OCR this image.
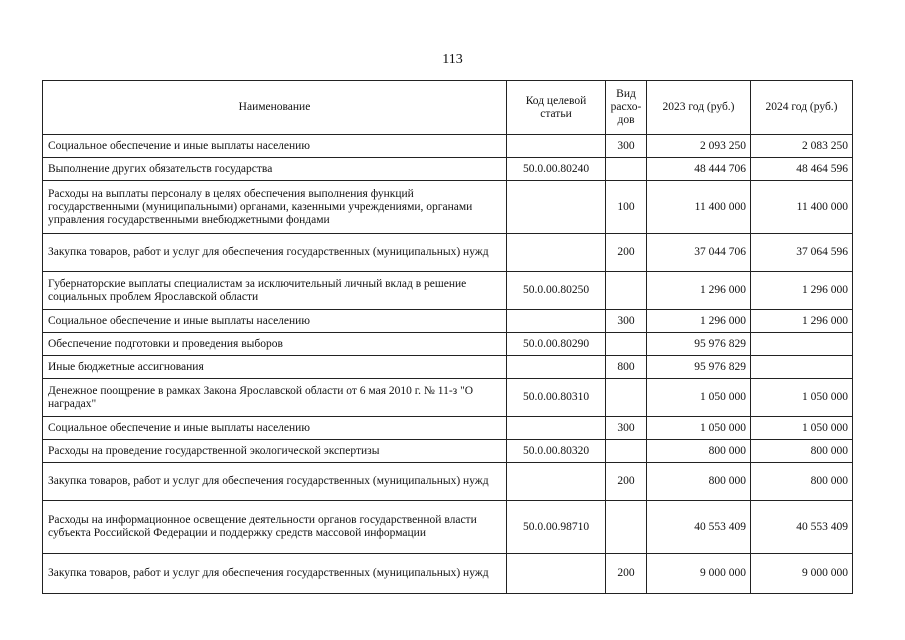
113
Наименование	Код целевой статьи	Вид расхо-дов	2023 год (руб.)	2024 год (руб.)
Социальное обеспечение и иные выплаты населению		300	2 093 250	2 083 250
Выполнение других обязательств государства	50.0.00.80240		48 444 706	48 464 596
Расходы на выплаты персоналу в целях обеспечения выполнения функций государственными (муниципальными) органами, казенными учреждениями, органами управления государственными внебюджетными фондами		100	11 400 000	11 400 000
Закупка товаров, работ и услуг для обеспечения государственных (муниципальных) нужд		200	37 044 706	37 064 596
Губернаторские выплаты специалистам за исключительный личный вклад в решение социальных проблем Ярославской области	50.0.00.80250		1 296 000	1 296 000
Социальное обеспечение и иные выплаты населению		300	1 296 000	1 296 000
Обеспечение подготовки и проведения выборов	50.0.00.80290		95 976 829	
Иные бюджетные ассигнования		800	95 976 829	
Денежное поощрение в рамках Закона Ярославской области от 6 мая 2010 г. № 11-з "О наградах"	50.0.00.80310		1 050 000	1 050 000
Социальное обеспечение и иные выплаты населению		300	1 050 000	1 050 000
Расходы на проведение государственной экологической экспертизы	50.0.00.80320		800 000	800 000
Закупка товаров, работ и услуг для обеспечения государственных (муниципальных) нужд		200	800 000	800 000
Расходы на информационное освещение деятельности органов государственной власти субъекта Российской Федерации и поддержку средств массовой информации	50.0.00.98710		40 553 409	40 553 409
Закупка товаров, работ и услуг для обеспечения государственных (муниципальных) нужд		200	9 000 000	9 000 000
